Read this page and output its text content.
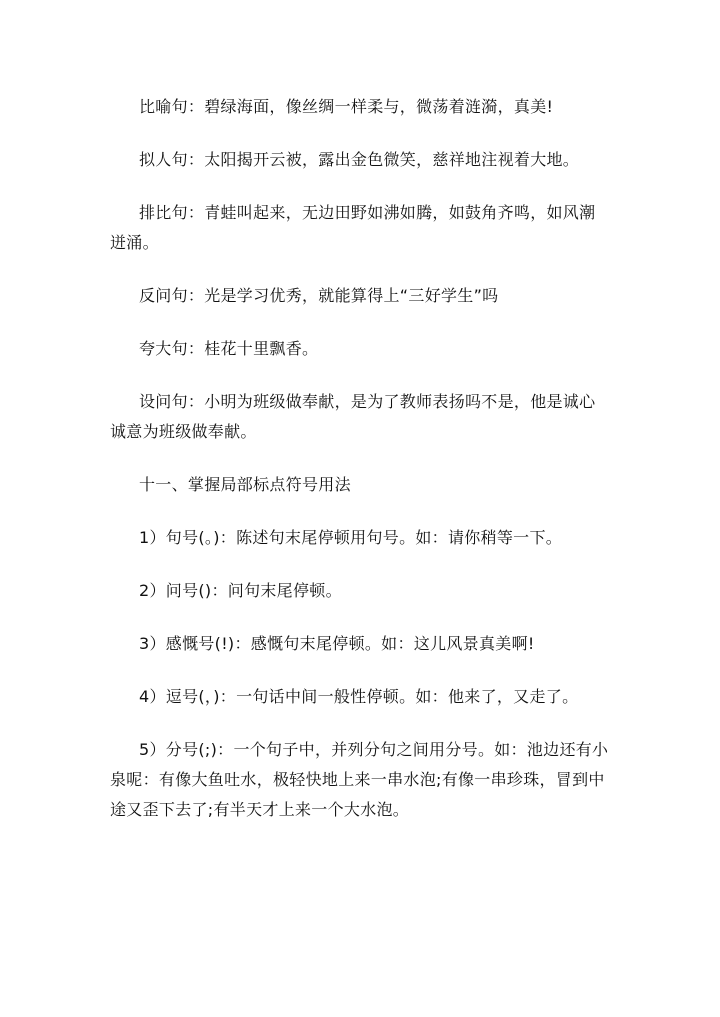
比喻句：碧绿海面，像丝绸一样柔与，微荡着涟漪，真美!

拟人句：太阳揭开云被，露出金色微笑，慈祥地注视着大地。

排比句：青蛙叫起来，无边田野如沸如腾，如鼓角齐鸣，如风潮迸涌。

反问句：光是学习优秀，就能算得上“三好学生”吗

夸大句：桂花十里飘香。

设问句：小明为班级做奉献，是为了教师表扬吗不是，他是诚心诚意为班级做奉献。

十一、掌握局部标点符号用法

1）句号(。)：陈述句末尾停顿用句号。如：请你稍等一下。

2）问号()：问句末尾停顿。

3）感慨号(!)：感慨句末尾停顿。如：这儿风景真美啊!

4）逗号(，)：一句话中间一般性停顿。如：他来了，又走了。

5）分号(;)：一个句子中，并列分句之间用分号。如：池边还有小泉呢：有像大鱼吐水，极轻快地上来一串水泡;有像一串珍珠，冒到中途又歪下去了;有半天才上来一个大水泡。
